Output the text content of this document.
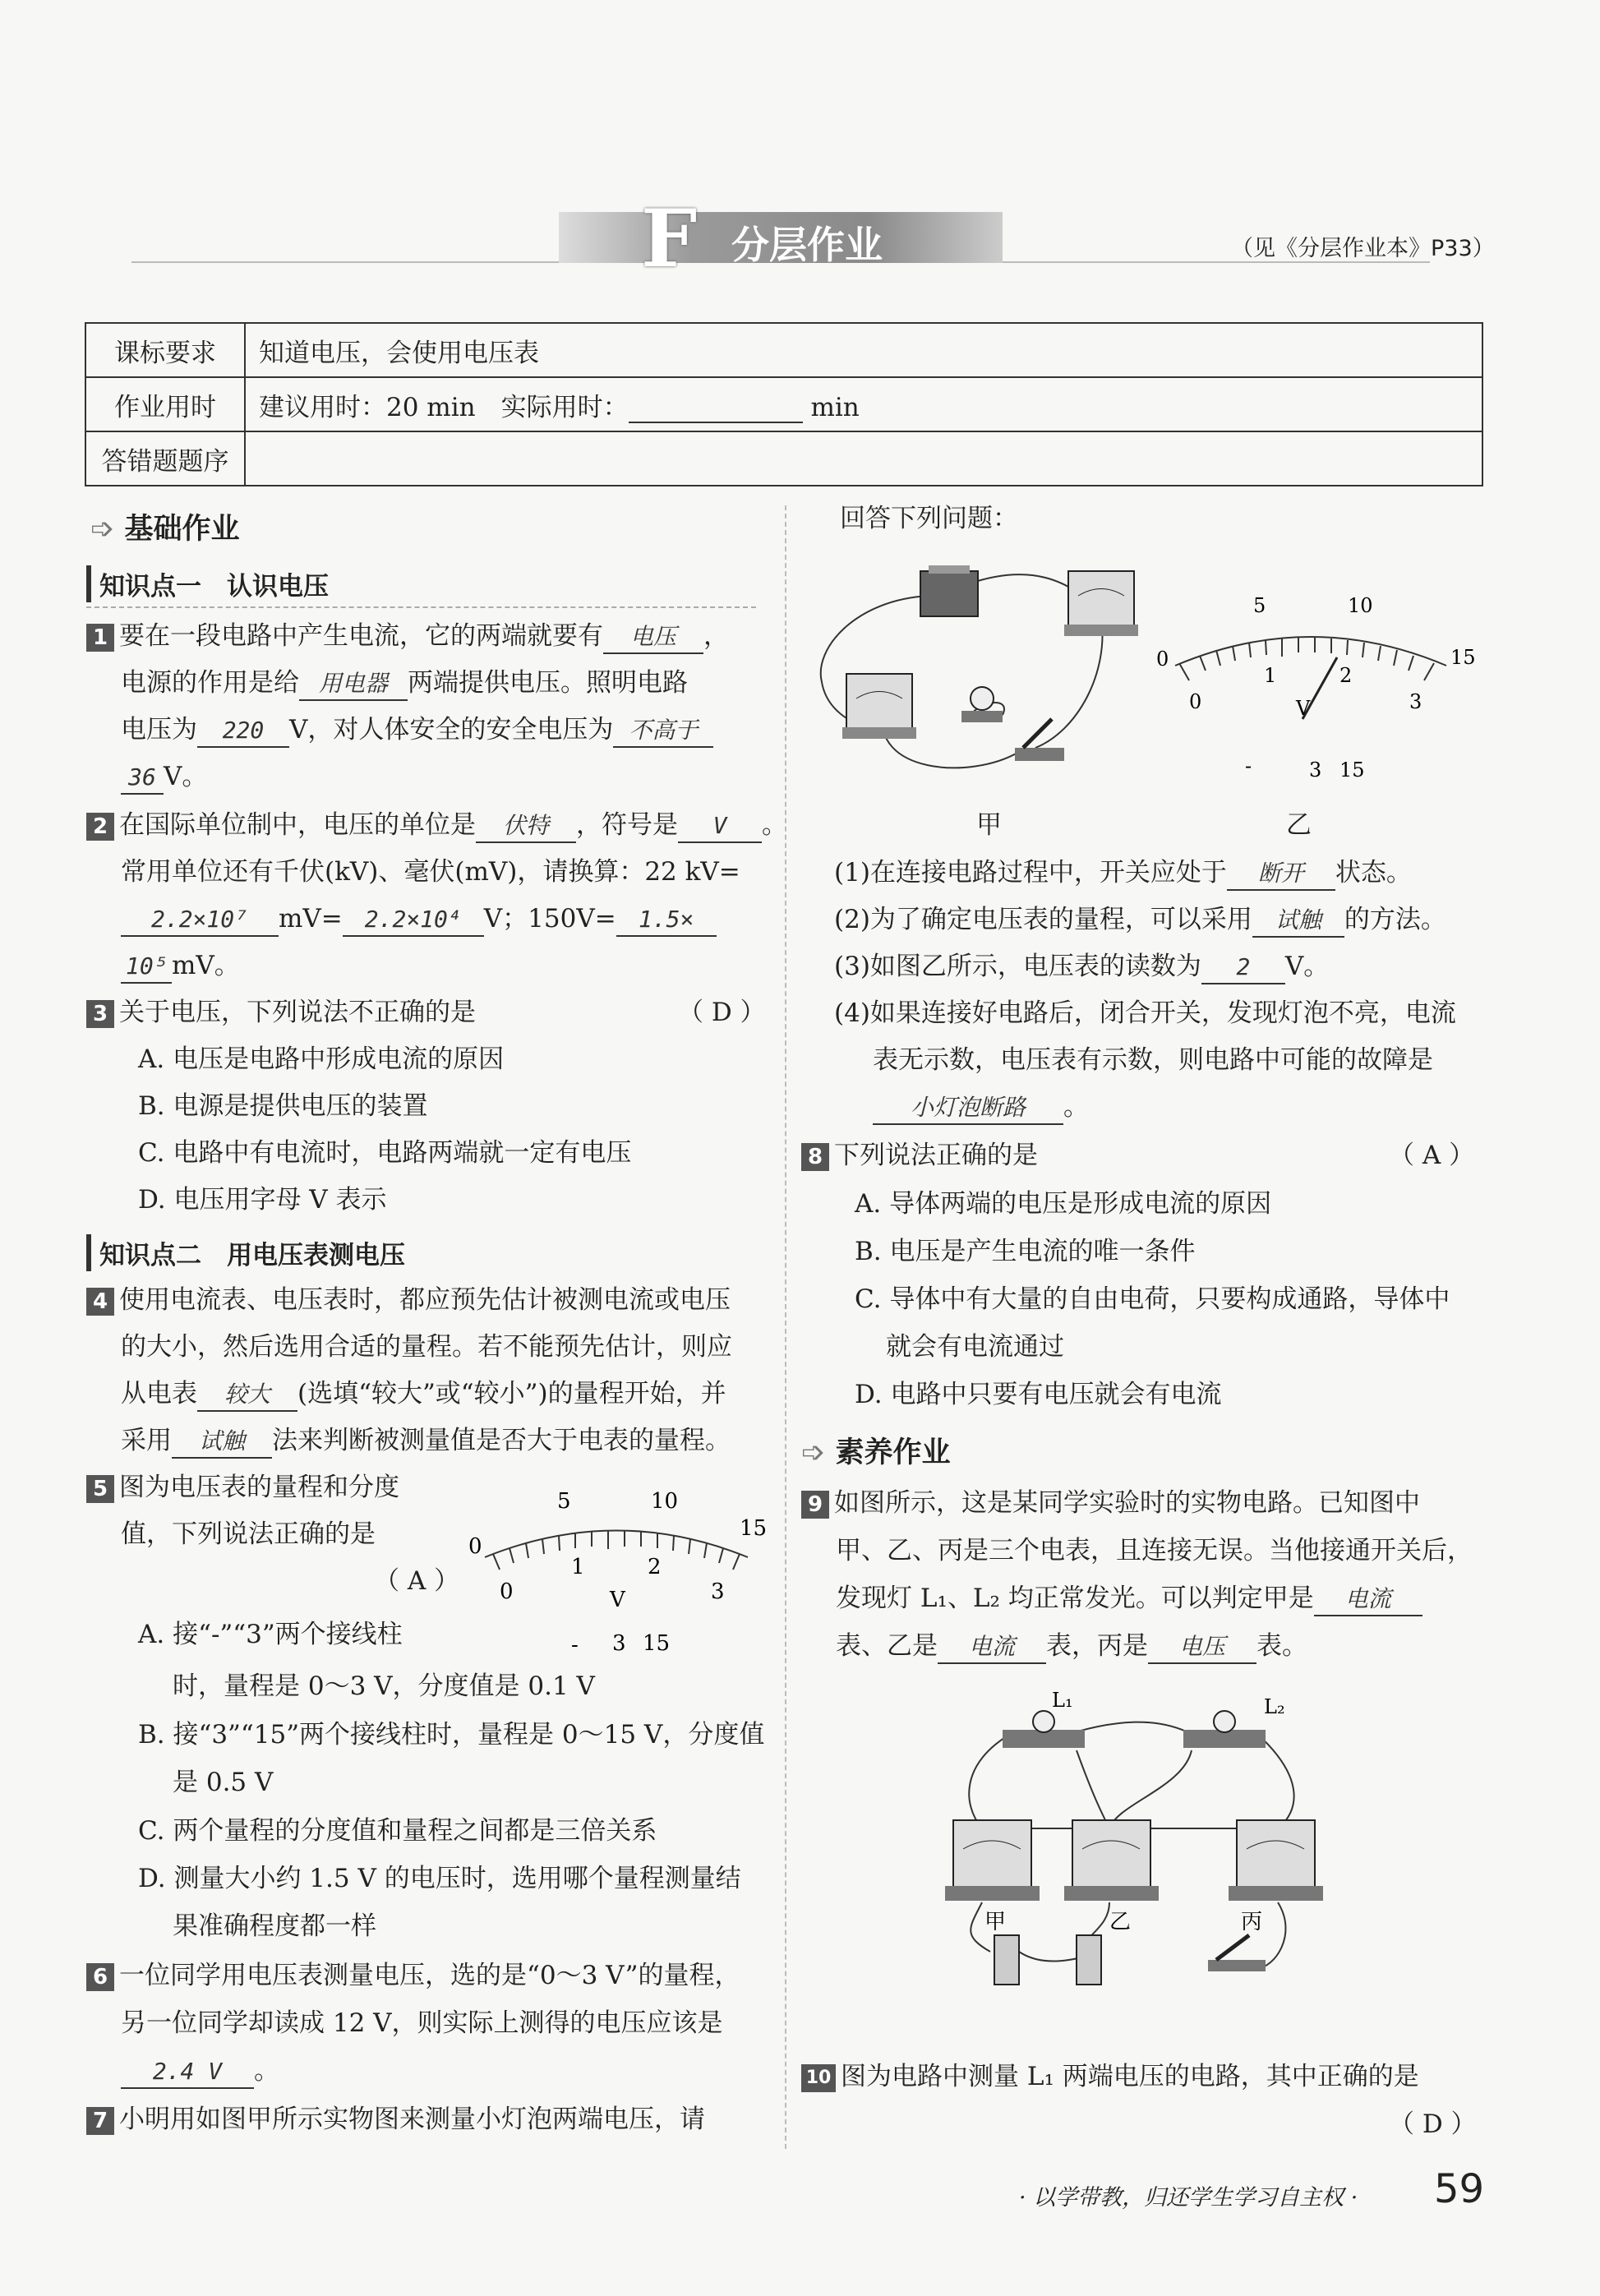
F 分层作业	（见《分层作业本》P33）
课标要求	知道电压，会使用电压表
作业用时	建议用时：20 min　实际用时： min
答错题题序	
➩ 基础作业
知识点一　认识电压
1 要在一段电路中产生电流，它的两端就要有 电压 ，
电源的作用是给 用电器 两端提供电压。照明电路
电压为 220 V，对人体安全的安全电压为 不高于
36 V。
2 在国际单位制中，电压的单位是 伏特 ，符号是 V 。
常用单位还有千伏(kV)、毫伏(mV)，请换算：22 kV=
2.2×10⁷ mV= 2.2×10⁴ V；150V= 1.5×
10⁵ mV。
3 关于电压，下列说法不正确的是	（ D ）
A. 电压是电路中形成电流的原因
B. 电源是提供电压的装置
C. 电路中有电流时，电路两端就一定有电压
D. 电压用字母 V 表示
知识点二　用电压表测电压
4 使用电流表、电压表时，都应预先估计被测电流或电压
的大小，然后选用合适的量程。若不能预先估计，则应
从电表 较大 (选填“较大”或“较小”)的量程开始，并
采用 试触 法来判断被测量值是否大于电表的量程。
5 图为电压表的量程和分度
值，下列说法正确的是
（ A ）
0
5	10
15
0
1	2
3
V
- 3 15
A. 接“-”“3”两个接线柱
时，量程是 0～3 V，分度值是 0.1 V
B. 接“3”“15”两个接线柱时，量程是 0～15 V，分度值
是 0.5 V
C. 两个量程的分度值和量程之间都是三倍关系
D. 测量大小约 1.5 V 的电压时，选用哪个量程测量结
果准确程度都一样
6 一位同学用电压表测量电压，选的是“0～3 V”的量程，
另一位同学却读成 12 V，则实际上测得的电压应该是
2.4 V 。
7 小明用如图甲所示实物图来测量小灯泡两端电压，请
回答下列问题：
甲
0
5	10
15
0
1	2
3
V
-	3 15
乙
(1)在连接电路过程中，开关应处于 断开 状态。
(2)为了确定电压表的量程，可以采用 试触 的方法。
(3)如图乙所示，电压表的读数为 2 V。
(4)如果连接好电路后，闭合开关，发现灯泡不亮，电流
表无示数，电压表有示数，则电路中可能的故障是
小灯泡断路 。
8 下列说法正确的是	（ A ）
A. 导体两端的电压是形成电流的原因
B. 电压是产生电流的唯一条件
C. 导体中有大量的自由电荷，只要构成通路，导体中
就会有电流通过
D. 电路中只要有电压就会有电流
➩ 素养作业
9 如图所示，这是某同学实验时的实物电路。已知图中
甲、乙、丙是三个电表，且连接无误。当他接通开关后，
发现灯 L₁、L₂ 均正常发光。可以判定甲是 电流
表、乙是 电流 表，丙是 电压 表。
L₁	L₂
甲	乙	丙
10 图为电路中测量 L₁ 两端电压的电路，其中正确的是
（ D ）
· 以学带教，归还学生学习自主权 · 59
